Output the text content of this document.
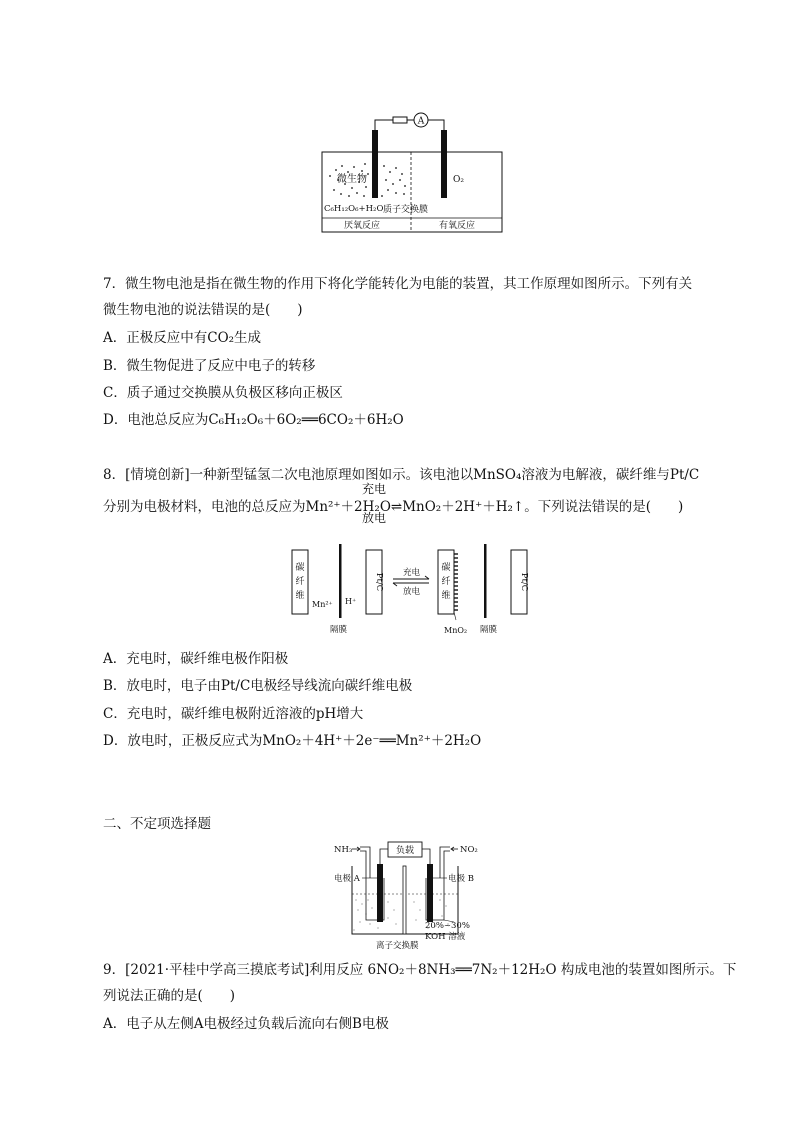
A
微生物
C₆H₁₂O₆+H₂O
O₂
质子交换膜
厌氧反应	有氧反应
7．微生物电池是指在微生物的作用下将化学能转化为电能的装置，其工作原理如图所示。下列有关
微生物电池的说法错误的是(　　)
A．正极反应中有CO₂生成
B．微生物促进了反应中电子的转移
C．质子通过交换膜从负极区移向正极区
D．电池总反应为C₆H₁₂O₆＋6O₂══6CO₂＋6H₂O
8．[情境创新]一种新型锰氢二次电池原理如图如示。该电池以MnSO₄溶液为电解液，碳纤维与Pt/C
充电
分别为电极材料，电池的总反应为Mn²⁺＋2H₂O⇌MnO₂＋2H⁺＋H₂↑。下列说法错误的是(　　)
放电
碳
纤
维
Mn²⁺ H⁺
Pt/C
隔膜
充电
放电
碳
纤
维
MnO₂ 隔膜
Pt/C
A．充电时，碳纤维电极作阳极
B．放电时，电子由Pt/C电极经导线流向碳纤维电极
C．充电时，碳纤维电极附近溶液的pH增大
D．放电时，正极反应式为MnO₂＋4H⁺＋2e⁻══Mn²⁺＋2H₂O
二、不定项选择题
NH₃	NO₂
负载
电极 A	电极 B
20%~30%
KOH 溶液
离子交换膜
9．[2021·平桂中学高三摸底考试]利用反应 6NO₂＋8NH₃══7N₂＋12H₂O 构成电池的装置如图所示。下
列说法正确的是(　　)
A．电子从左侧A电极经过负载后流向右侧B电极
